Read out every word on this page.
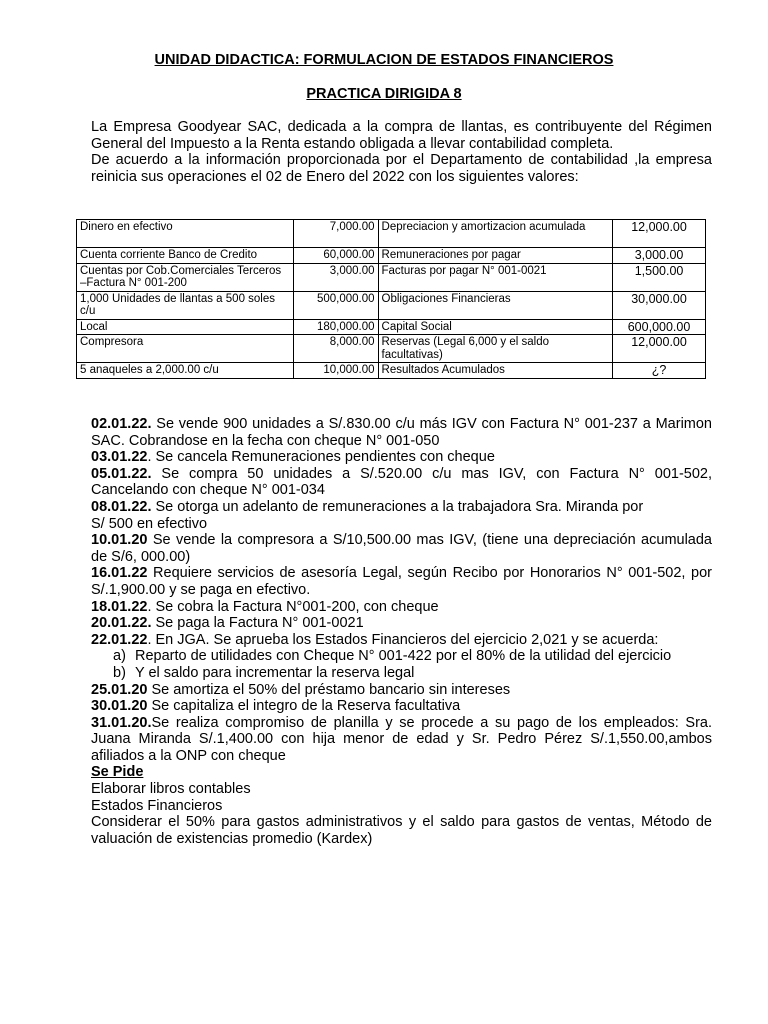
UNIDAD DIDACTICA: FORMULACION DE ESTADOS FINANCIEROS
PRACTICA DIRIGIDA 8

La Empresa Goodyear SAC, dedicada a la compra de llantas, es contribuyente del Régimen General del Impuesto a la Renta estando obligada a llevar contabilidad completa.

De acuerdo a la información proporcionada por el Departamento de contabilidad ,la empresa reinicia sus operaciones el 02 de Enero del 2022 con los siguientes valores:

Dinero en efectivo	7,000.00	Depreciacion y amortizacion acumulada	12,000.00
Cuenta corriente Banco de Credito	60,000.00	Remuneraciones por pagar	3,000.00
Cuentas por Cob.Comerciales Terceros –Factura N° 001-200	3,000.00	Facturas por pagar N° 001-0021	1,500.00
1,000 Unidades de llantas a 500 soles c/u	500,000.00	Obligaciones Financieras	30,000.00
Local	180,000.00	Capital Social	600,000.00
Compresora	8,000.00	Reservas (Legal 6,000 y el saldo facultativas)	12,000.00
5 anaqueles a 2,000.00 c/u	10,000.00	Resultados Acumulados	¿?
02.01.22. Se vende 900 unidades a S/.830.00 c/u más IGV con Factura N° 001-237 a Marimon SAC. Cobrandose en la fecha con cheque N° 001-050
03.01.22. Se cancela Remuneraciones pendientes con cheque
05.01.22. Se compra 50 unidades a S/.520.00 c/u mas IGV, con Factura N° 001-502, Cancelando con cheque N° 001-034
08.01.22. Se otorga un adelanto de remuneraciones a la trabajadora Sra. Miranda por
S/ 500 en efectivo
10.01.20 Se vende la compresora a S/10,500.00 mas IGV, (tiene una depreciación acumulada de S/6, 000.00)
16.01.22 Requiere servicios de asesoría Legal, según Recibo por Honorarios N° 001-502, por S/.1,900.00 y se paga en efectivo.
18.01.22. Se cobra la Factura N°001-200, con cheque
20.01.22. Se paga la Factura N° 001-0021
22.01.22. En JGA. Se aprueba los Estados Financieros del ejercicio 2,021 y se acuerda:
a) Reparto de utilidades con Cheque N° 001-422 por el 80% de la utilidad del ejercicio
b) Y el saldo para incrementar la reserva legal
25.01.20 Se amortiza el 50% del préstamo bancario sin intereses
30.01.20 Se capitaliza el integro de la Reserva facultativa
31.01.20.Se realiza compromiso de planilla y se procede a su pago de los empleados: Sra. Juana Miranda S/.1,400.00 con hija menor de edad y Sr. Pedro Pérez S/.1,550.00,ambos afiliados a la ONP con cheque
Se Pide
Elaborar libros contables
Estados Financieros
Considerar el 50% para gastos administrativos y el saldo para gastos de ventas, Método de valuación de existencias promedio (Kardex)
